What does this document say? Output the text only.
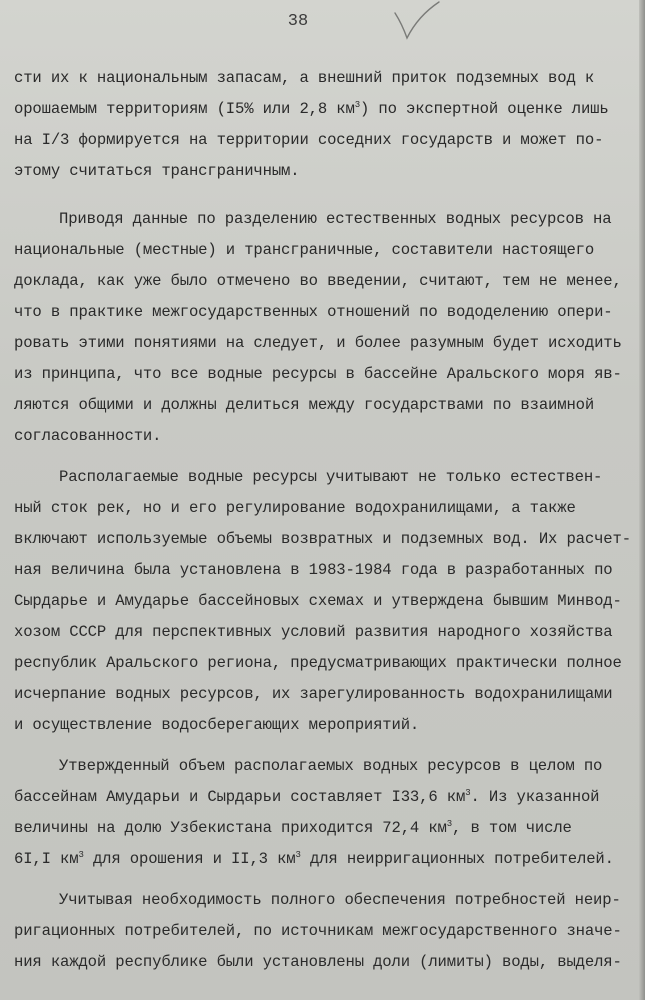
38
сти их к национальным запасам, а внешний приток подземных вод к
орошаемым территориям (I5% или 2,8 $км^3$) по экспертной оценке лишь
на I/3 формируется на территории соседних государств и может по-
этому считаться трансграничным.
Приводя данные по разделению естественных водных ресурсов на
национальные (местные) и трансграничные, составители настоящего
доклада, как уже было отмечено во введении, считают, тем не менее,
что в практике межгосударственных отношений по вододелению опери-
ровать этими понятиями на следует, и более разумным будет исходить
из принципа, что все водные ресурсы в бассейне Аральского моря яв-
ляются общими и должны делиться между государствами по взаимной
согласованности.
Располагаемые водные ресурсы учитывают не только естествен-
ный сток рек, но и его регулирование водохранилищами, а также
включают используемые объемы возвратных и подземных вод. Их расчет-
ная величина была установлена в 1983-1984 года в разработанных по
Сырдарье и Амударье бассейновых схемах и утверждена бывшим Минвод-
хозом СССР для перспективных условий развития народного хозяйства
республик Аральского региона, предусматривающих практически полное
исчерпание водных ресурсов, их зарегулированность водохранилищами
и осуществление водосберегающих мероприятий.
Утвержденный объем располагаемых водных ресурсов в целом по
бассейнам Амударьи и Сырдарьи составляет I33,6 $км^3$. Из указанной
величины на долю Узбекистана приходится 72,4 $км^3$, в том числе
6I,I $км^3$ для орошения и II,3 $км^3$ для неирригационных потребителей.
Учитывая необходимость полного обеспечения потребностей неир-
ригационных потребителей, по источникам межгосударственного значе-
ния каждой республике были установлены доли (лимиты) воды, выделя-
